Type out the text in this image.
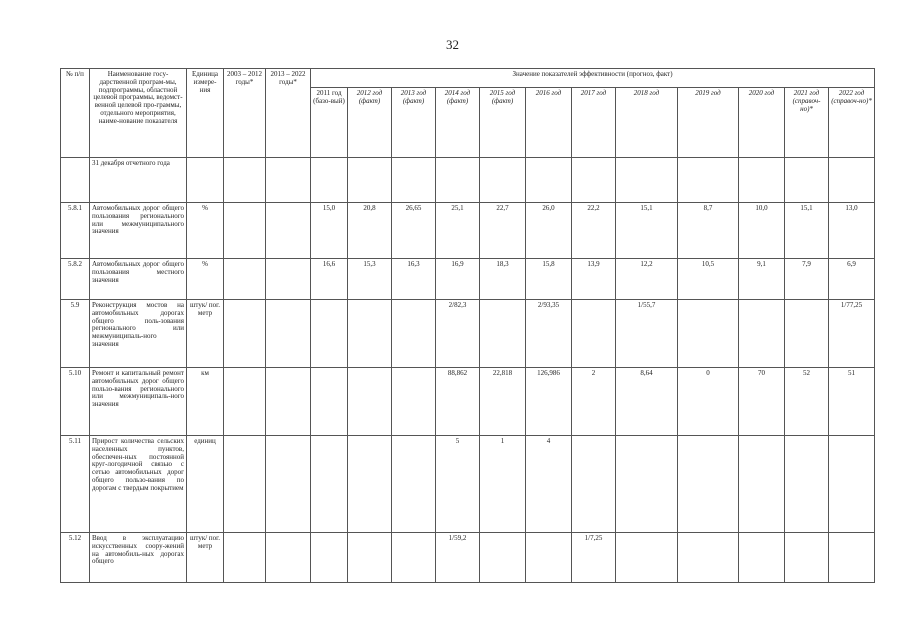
32
№ п/п	Наименование госу-дарственной програм-мы, подпрограммы, областной целевой программы, ведомст-венной целевой про-граммы, отдельного мероприятия, наиме-нование показателя	Единица измере-ния	2003 – 2012 годы*	2013 – 2022 годы*	Значение показателей эффективности (прогноз, факт)											
					2011 год (базо-вый)	2012 год (факт)	2013 год (факт)	2014 год (факт)	2015 год (факт)	2016 год	2017 год	2018 год	2019 год	2020 год	2021 год (справоч-но)*	2022 год (справоч-но)*
	31 декабря отчетного года															
5.8.1	Автомобильных дорог общего пользования регионального или межмуниципального значения	%			15,0	20,8	26,65	25,1	22,7	26,0	22,2	15,1	8,7	10,0	15,1	13,0
5.8.2	Автомобильных дорог общего пользования местного значения	%			16,6	15,3	16,3	16,9	18,3	15,8	13,9	12,2	10,5	9,1	7,9	6,9
5.9	Реконструкция мостов на автомобильных дорогах общего поль-зования регионального или межмуниципаль-ного значения	штук/ пог. метр						2/82,3		2/93,35		1/55,7				1/77,25
5.10	Ремонт и капитальный ремонт автомобильных дорог общего пользо-вания регионального или межмуниципаль-ного значения	км						88,862	22,818	126,986	2	8,64	0	70	52	51
5.11	Прирост количества сельских населенных пунктов, обеспечен-ных постоянной круг-логодичной связью с сетью автомобильных дорог общего пользо-вания по дорогам с твердым покрытием	единиц						5	1	4						
5.12	Ввод в эксплуатацию искусственных соору-жений на автомобиль-ных дорогах общего	штук/ пог. метр						1/59,2			1/7,25					
